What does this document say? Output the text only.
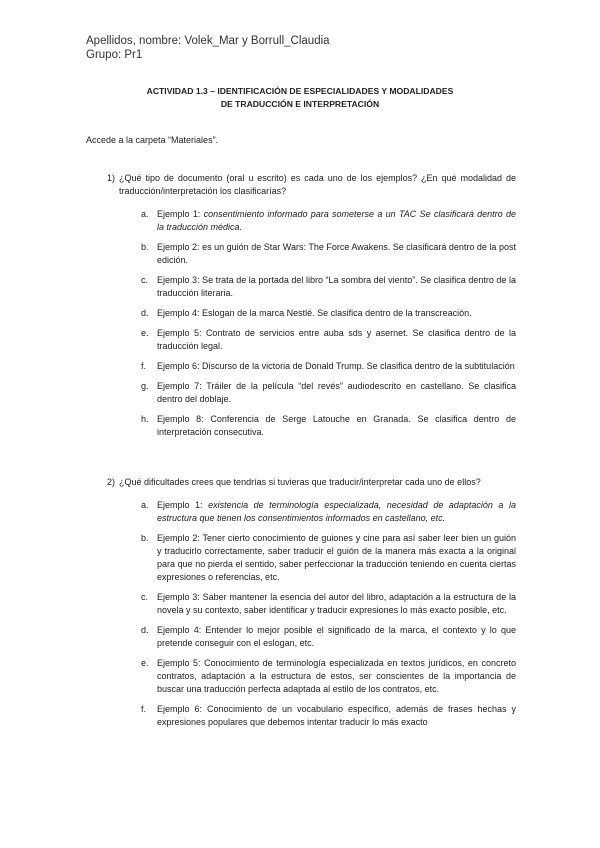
Apellidos, nombre: Volek_Mar y Borrull_Claudia
Grupo: Pr1
ACTIVIDAD 1.3 – IDENTIFICACIÓN DE ESPECIALIDADES Y MODALIDADES
DE TRADUCCIÓN E INTERPRETACIÓN
Accede a la carpeta “Materiales”.
1) ¿Qué tipo de documento (oral u escrito) es cada uno de los ejemplos? ¿En qué modalidad de traducción/interpretación los clasificarías?
a. Ejemplo 1: consentimiento informado para someterse a un TAC Se clasificará dentro de la traducción médica.
b. Ejemplo 2: es un guión de Star Wars: The Force Awakens. Se clasificará dentro de la post edición.
c. Ejemplo 3: Se trata de la portada del libro “La sombra del viento”. Se clasifica dentro de la traducción literaria.
d. Ejemplo 4: Eslogan de la marca Nestlé. Se clasifica dentro de la transcreación.
e. Ejemplo 5: Contrato de servicios entre auba sds y asernet. Se clasifica dentro de la traducción legal.
f. Ejemplo 6: Discurso de la victoria de Donald Trump. Se clasifica dentro de la subtitulación
g. Ejemplo 7: Tráiler de la película “del revés” audiodescrito en castellano. Se clasifica dentro del doblaje.
h. Ejemplo 8: Conferencia de Serge Latouche en Granada. Se clasifica dentro de interpretación consecutiva.
2) ¿Qué dificultades crees que tendrías si tuvieras que traducir/interpretar cada uno de ellos?
a. Ejemplo 1: existencia de terminología especializada, necesidad de adaptación a la estructura que tienen los consentimientos informados en castellano, etc.
b. Ejemplo 2: Tener cierto conocimiento de guiones y cine para así saber leer bien un guión y traducirlo correctamente, saber traducir el guión de la manera más exacta a la original para que no pierda el sentido, saber perfeccionar la traducción teniendo en cuenta ciertas expresiones o referencias, etc.
c. Ejemplo 3: Saber mantener la esencia del autor del libro, adaptación a la estructura de la novela y su contexto, saber identificar y traducir expresiones lo más exacto posible, etc.
d. Ejemplo 4: Entender lo mejor posible el significado de la marca, el contexto y lo que pretende conseguir con el eslogan, etc.
e. Ejemplo 5: Conocimiento de terminología especializada en textos jurídicos, en concreto contratos, adaptación a la estructura de estos, ser conscientes de la importancia de buscar una traducción perfecta adaptada al estilo de los contratos, etc.
f. Ejemplo 6: Conocimiento de un vocabulario específico, además de frases hechas y expresiones populares que debemos intentar traducir lo más exacto
